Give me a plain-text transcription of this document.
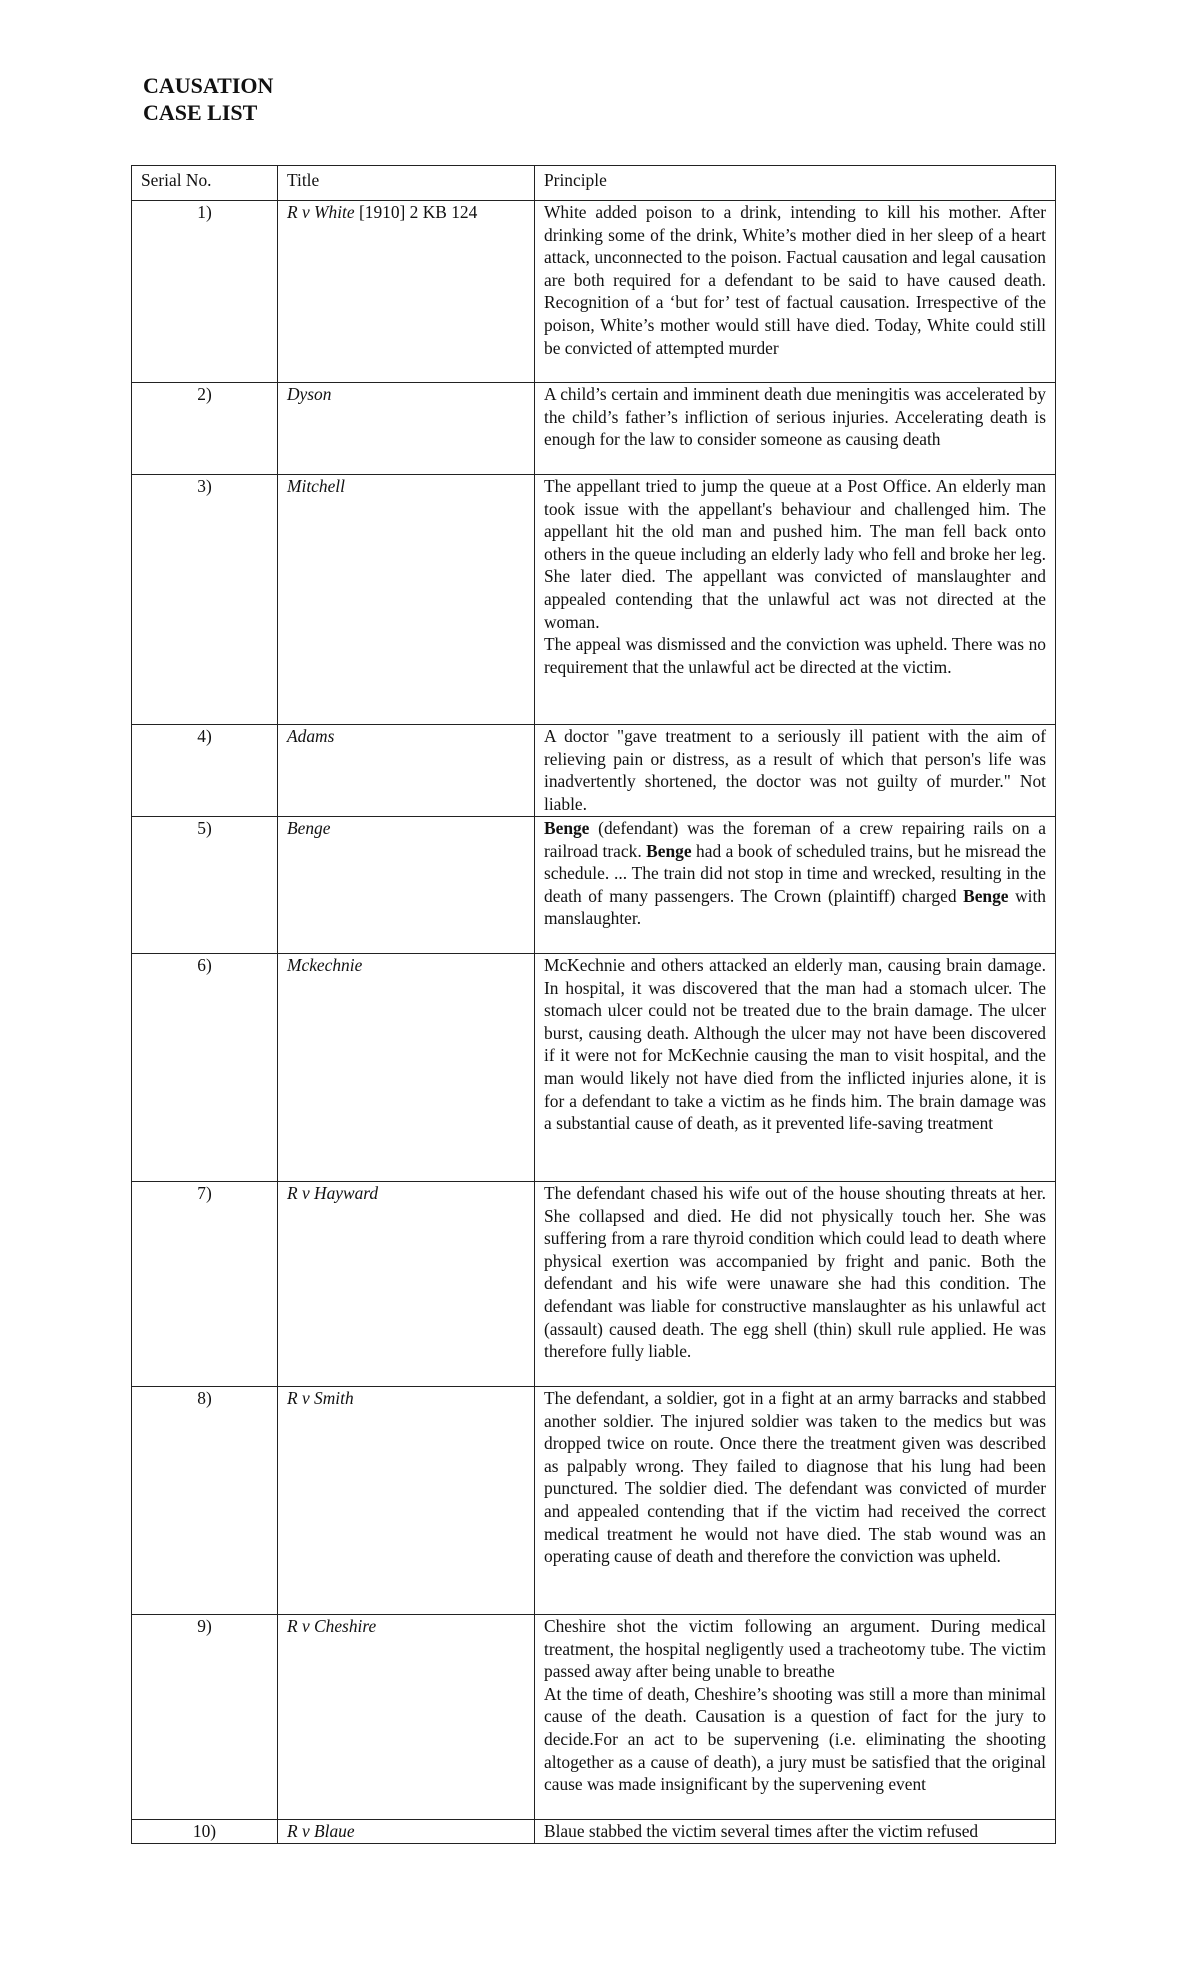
CAUSATION
CASE LIST
Serial No.	Title	Principle
1)	R v White [1910] 2 KB 124	White added poison to a drink, intending to kill his mother. After drinking some of the drink, White’s mother died in her sleep of a heart attack, unconnected to the poison. Factual causation and legal causation are both required for a defendant to be said to have caused death. Recognition of a ‘but for’ test of factual causation. Irrespective of the poison, White’s mother would still have died. Today, White could still be convicted of attempted murder

2)	Dyson	A child’s certain and imminent death due meningitis was accelerated by the child’s father’s infliction of serious injuries. Accelerating death is enough for the law to consider someone as causing death

3)	Mitchell	The appellant tried to jump the queue at a Post Office. An elderly man took issue with the appellant's behaviour and challenged him. The appellant hit the old man and pushed him. The man fell back onto others in the queue including an elderly lady who fell and broke her leg. She later died. The appellant was convicted of manslaughter and appealed contending that the unlawful act was not directed at the woman.

The appeal was dismissed and the conviction was upheld. There was no requirement that the unlawful act be directed at the victim.

4)	Adams	A doctor "gave treatment to a seriously ill patient with the aim of relieving pain or distress, as a result of which that person's life was inadvertently shortened, the doctor was not guilty of murder." Not liable.

5)	Benge	Benge (defendant) was the foreman of a crew repairing rails on a railroad track. Benge had a book of scheduled trains, but he misread the schedule. ... The train did not stop in time and wrecked, resulting in the death of many passengers. The Crown (plaintiff) charged Benge with manslaughter.

6)	Mckechnie	McKechnie and others attacked an elderly man, causing brain damage. In hospital, it was discovered that the man had a stomach ulcer. The stomach ulcer could not be treated due to the brain damage. The ulcer burst, causing death. Although the ulcer may not have been discovered if it were not for McKechnie causing the man to visit hospital, and the man would likely not have died from the inflicted injuries alone, it is for a defendant to take a victim as he finds him. The brain damage was a substantial cause of death, as it prevented life-saving treatment

7)	R v Hayward	The defendant chased his wife out of the house shouting threats at her. She collapsed and died. He did not physically touch her. She was suffering from a rare thyroid condition which could lead to death where physical exertion was accompanied by fright and panic. Both the defendant and his wife were unaware she had this condition. The defendant was liable for constructive manslaughter as his unlawful act (assault) caused death. The egg shell (thin) skull rule applied. He was therefore fully liable.

8)	R v Smith	The defendant, a soldier, got in a fight at an army barracks and stabbed another soldier. The injured soldier was taken to the medics but was dropped twice on route. Once there the treatment given was described as palpably wrong. They failed to diagnose that his lung had been punctured. The soldier died. The defendant was convicted of murder and appealed contending that if the victim had received the correct medical treatment he would not have died. The stab wound was an operating cause of death and therefore the conviction was upheld.

9)	R v Cheshire	Cheshire shot the victim following an argument. During medical treatment, the hospital negligently used a tracheotomy tube. The victim passed away after being unable to breathe

At the time of death, Cheshire’s shooting was still a more than minimal cause of the death. Causation is a question of fact for the jury to decide.For an act to be supervening (i.e. eliminating the shooting altogether as a cause of death), a jury must be satisfied that the original cause was made insignificant by the supervening event

10)	R v Blaue	Blaue stabbed the victim several times after the victim refused
